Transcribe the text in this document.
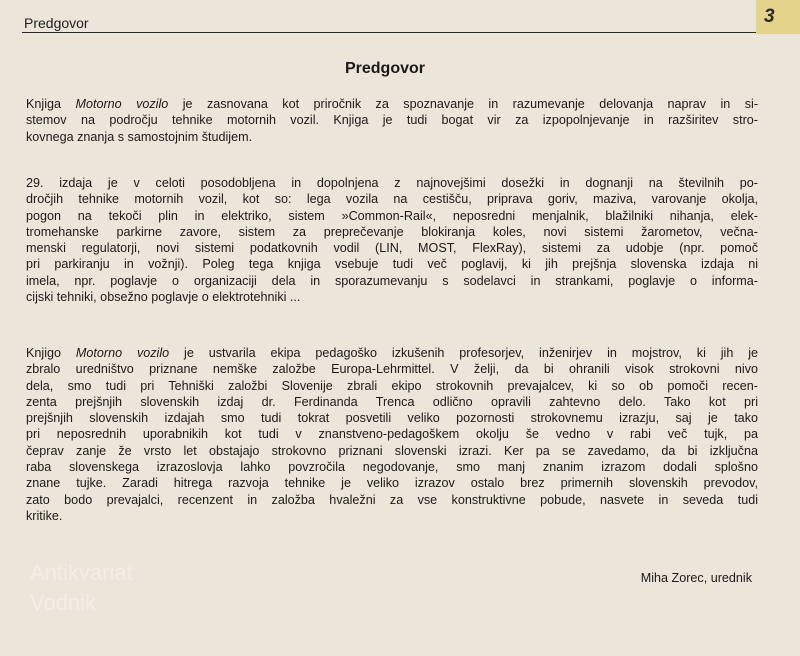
Predgovor	3
Predgovor

Knjiga Motorno vozilo je zasnovana kot priročnik za spoznavanje in razumevanje delovanja naprav in si-
stemov na področju tehnike motornih vozil. Knjiga je tudi bogat vir za izpopolnjevanje in razširitev stro-
kovnega znanja s samostojnim študijem.

29. izdaja je v celoti posodobljena in dopolnjena z najnovejšimi dosežki in dognanji na številnih po-
dročjih tehnike motornih vozil, kot so: lega vozila na cestišču, priprava goriv, maziva, varovanje okolja,
pogon na tekoči plin in elektriko, sistem »Common-Rail«, neposredni menjalnik, blažilniki nihanja, elek-
tromehanske parkirne zavore, sistem za preprečevanje blokiranja koles, novi sistemi žarometov, večna-
menski regulatorji, novi sistemi podatkovnih vodil (LIN, MOST, FlexRay), sistemi za udobje (npr. pomoč
pri parkiranju in vožnji). Poleg tega knjiga vsebuje tudi več poglavij, ki jih prejšnja slovenska izdaja ni
imela, npr. poglavje o organizaciji dela in sporazumevanju s sodelavci in strankami, poglavje o informa-
cijski tehniki, obsežno poglavje o elektrotehniki ...

Knjigo Motorno vozilo je ustvarila ekipa pedagoško izkušenih profesorjev, inženirjev in mojstrov, ki jih je
zbralo uredništvo priznane nemške založbe Europa-Lehrmittel. V želji, da bi ohranili visok strokovni nivo
dela, smo tudi pri Tehniški založbi Slovenije zbrali ekipo strokovnih prevajalcev, ki so ob pomoči recen-
zenta prejšnjih slovenskih izdaj dr. Ferdinanda Trenca odlično opravili zahtevno delo. Tako kot pri
prejšnjih slovenskih izdajah smo tudi tokrat posvetili veliko pozornosti strokovnemu izrazju, saj je tako
pri neposrednih uporabnikih kot tudi v znanstveno-pedagoškem okolju še vedno v rabi več tujk, pa
čeprav zanje že vrsto let obstajajo strokovno priznani slovenski izrazi. Ker pa se zavedamo, da bi izključna
raba slovenskega izrazoslovja lahko povzročila negodovanje, smo manj znanim izrazom dodali splošno
znane tujke. Zaradi hitrega razvoja tehnike je veliko izrazov ostalo brez primernih slovenskih prevodov,
zato bodo prevajalci, recenzent in založba hvaležni za vse konstruktivne pobude, nasvete in seveda tudi
kritike.

Miha Zorec, urednik
Antikvariat
Vodnik
